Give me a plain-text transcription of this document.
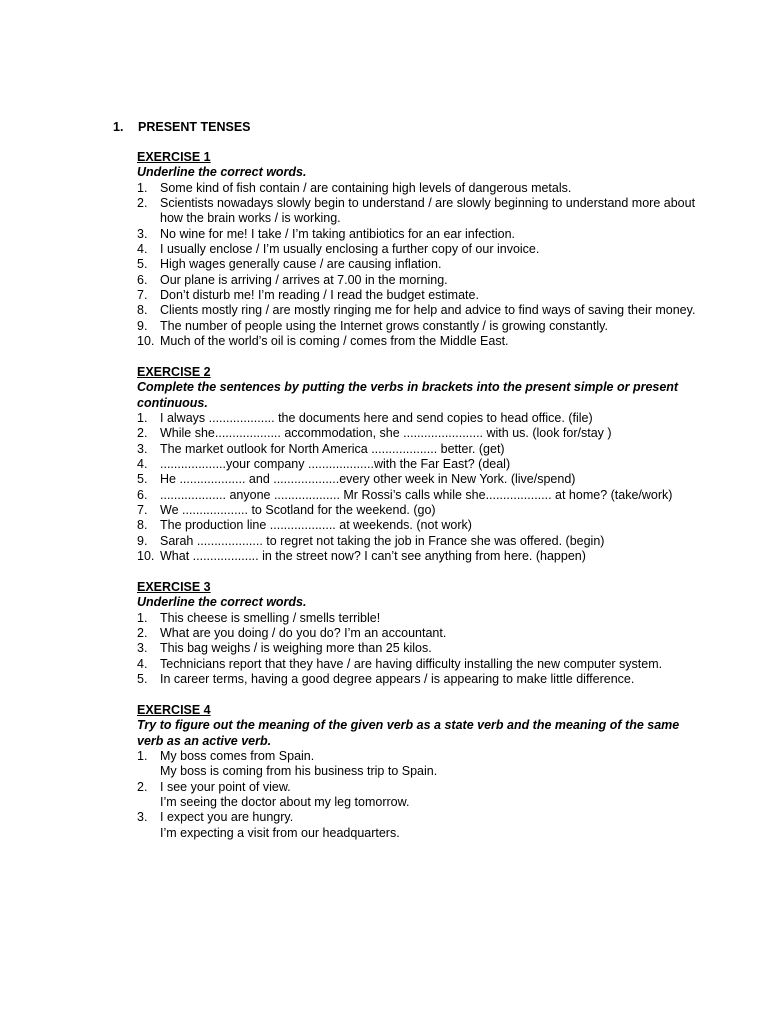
1. PRESENT TENSES
EXERCISE 1
Underline the correct words.
1.	Some kind of fish contain / are containing high levels of dangerous metals.
2.	Scientists nowadays slowly begin to understand / are slowly beginning to understand more about how the brain works / is working.
3.	No wine for me! I take / I’m taking antibiotics for an ear infection.
4.	I usually enclose / I’m usually enclosing a further copy of our invoice.
5.	High wages generally cause / are causing inflation.
6.	Our plane is arriving / arrives at 7.00 in the morning.
7.	Don’t disturb me! I’m reading / I read the budget estimate.
8.	Clients mostly ring / are mostly ringing me for help and advice to find ways of saving their money.
9.	The number of people using the Internet grows constantly / is growing constantly.
10. Much of the world’s oil is coming / comes from the Middle East.
EXERCISE 2
Complete the sentences by putting the verbs in brackets into the present simple or present continuous.
1.	I always ................... the documents here and send copies to head office. (file)
2.	While she................... accommodation, she ....................... with us. (look for/stay )
3.	The market outlook for North America ................... better. (get)
4.	...................your company ...................with the Far East? (deal)
5.	He ................... and ...................every other week in New York. (live/spend)
6.	................... anyone ................... Mr Rossi’s calls while she................... at home? (take/work)
7.	We ................... to Scotland for the weekend. (go)
8.	The production line ................... at weekends. (not work)
9.	Sarah ................... to regret not taking the job in France she was offered. (begin)
10. What ................... in the street now? I can’t see anything from here. (happen)
EXERCISE 3
Underline the correct words.
1.	This cheese is smelling / smells terrible!
2.	What are you doing / do you do? I’m an accountant.
3.	This bag weighs / is weighing more than 25 kilos.
4.	Technicians report that they have / are having difficulty installing the new computer system.
5.	In career terms, having a good degree appears / is appearing to make little difference.
EXERCISE 4
Try to figure out the meaning of the given verb as a state verb and the meaning of the same verb as an active verb.
1.	My boss comes from Spain.
My boss is coming from his business trip to Spain.
2.	I see your point of view.
I’m seeing the doctor about my leg tomorrow.
3.	I expect you are hungry.
I’m expecting a visit from our headquarters.
